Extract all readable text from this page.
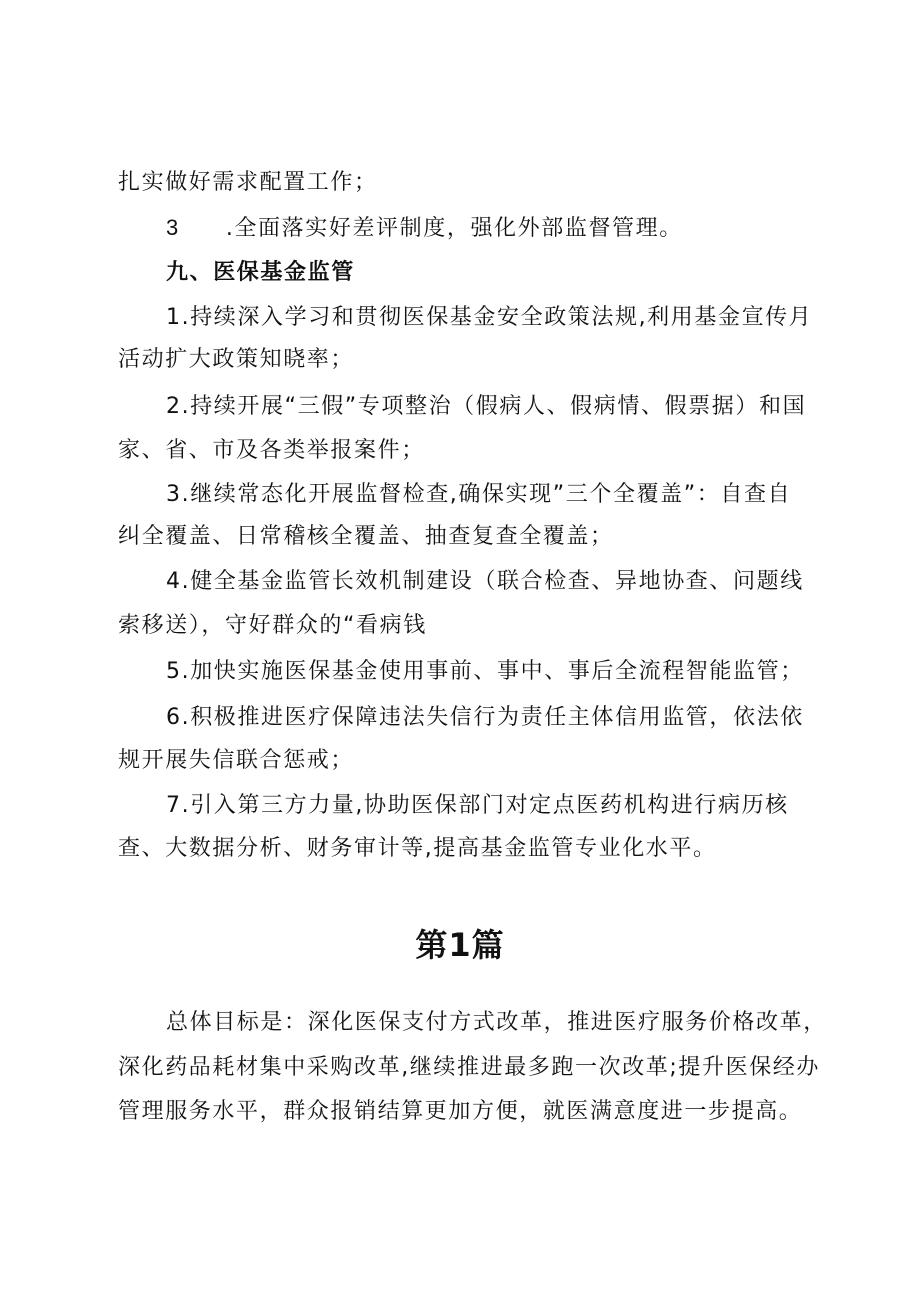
扎实做好需求配置工作；
3 .全面落实好差评制度，强化外部监督管理。
九、医保基金监管
1.持续深入学习和贯彻医保基金安全政策法规,利用基金宣传月
活动扩大政策知晓率；
2.持续开展“三假”专项整治（假病人、假病情、假票据）和国
家、省、市及各类举报案件；
3.继续常态化开展监督检查,确保实现”三个全覆盖”：自查自
纠全覆盖、日常稽核全覆盖、抽查复查全覆盖；
4.健全基金监管长效机制建设（联合检查、异地协查、问题线
索移送），守好群众的“看病钱
5.加快实施医保基金使用事前、事中、事后全流程智能监管；
6.积极推进医疗保障违法失信行为责任主体信用监管，依法依
规开展失信联合惩戒；
7.引入第三方力量,协助医保部门对定点医药机构进行病历核
查、大数据分析、财务审计等,提高基金监管专业化水平。
第1篇
总体目标是：深化医保支付方式改革，推进医疗服务价格改革，
深化药品耗材集中采购改革,继续推进最多跑一次改革;提升医保经办
管理服务水平，群众报销结算更加方便，就医满意度进一步提高。
